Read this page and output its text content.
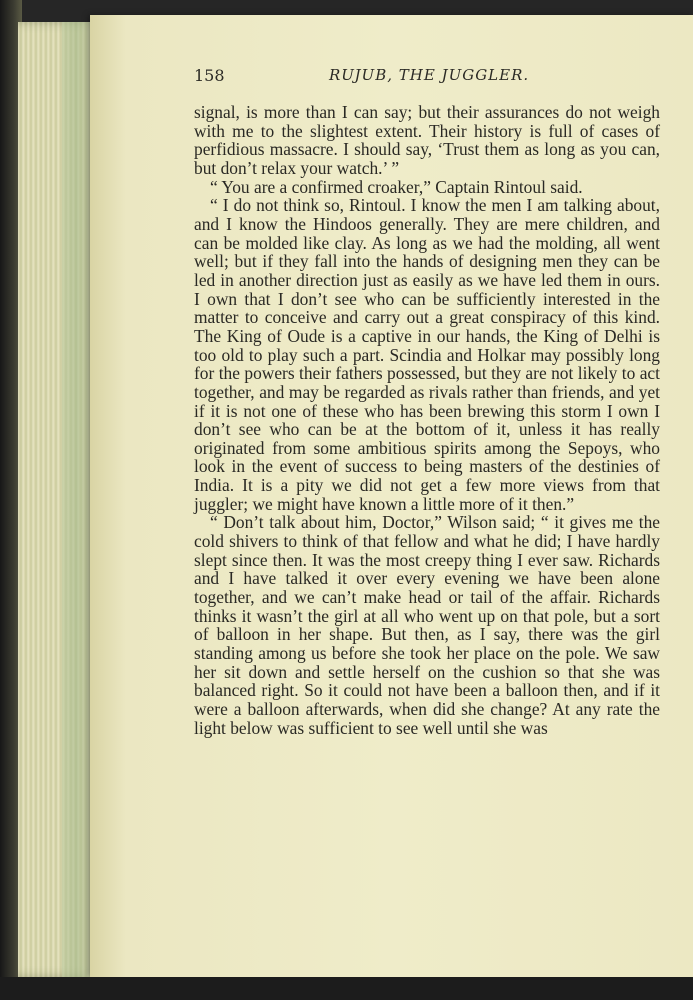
158	RUJUB, THE JUGGLER.

signal, is more than I can say; but their assurances do not weigh with me to the slightest extent. Their history is full of cases of perfidious massacre. I should say, ‘Trust them as long as you can, but don’t relax your watch.’ ”

“ You are a confirmed croaker,” Captain Rintoul said.

“ I do not think so, Rintoul. I know the men I am talking about, and I know the Hindoos generally. They are mere children, and can be molded like clay. As long as we had the molding, all went well; but if they fall into the hands of designing men they can be led in another direction just as easily as we have led them in ours. I own that I don’t see who can be sufficiently interested in the matter to conceive and carry out a great conspiracy of this kind. The King of Oude is a captive in our hands, the King of Delhi is too old to play such a part. Scindia and Holkar may possibly long for the powers their fathers possessed, but they are not likely to act together, and may be regarded as rivals rather than friends, and yet if it is not one of these who has been brewing this storm I own I don’t see who can be at the bottom of it, unless it has really originated from some ambitious spirits among the Sepoys, who look in the event of success to being masters of the destinies of India. It is a pity we did not get a few more views from that juggler; we might have known a little more of it then.”

“ Don’t talk about him, Doctor,” Wilson said; “ it gives me the cold shivers to think of that fellow and what he did; I have hardly slept since then. It was the most creepy thing I ever saw. Richards and I have talked it over every evening we have been alone together, and we can’t make head or tail of the affair. Richards thinks it wasn’t the girl at all who went up on that pole, but a sort of balloon in her shape. But then, as I say, there was the girl standing among us before she took her place on the pole. We saw her sit down and settle herself on the cushion so that she was balanced right. So it could not have been a balloon then, and if it were a balloon afterwards, when did she change? At any rate the light below was sufficient to see well until she was
